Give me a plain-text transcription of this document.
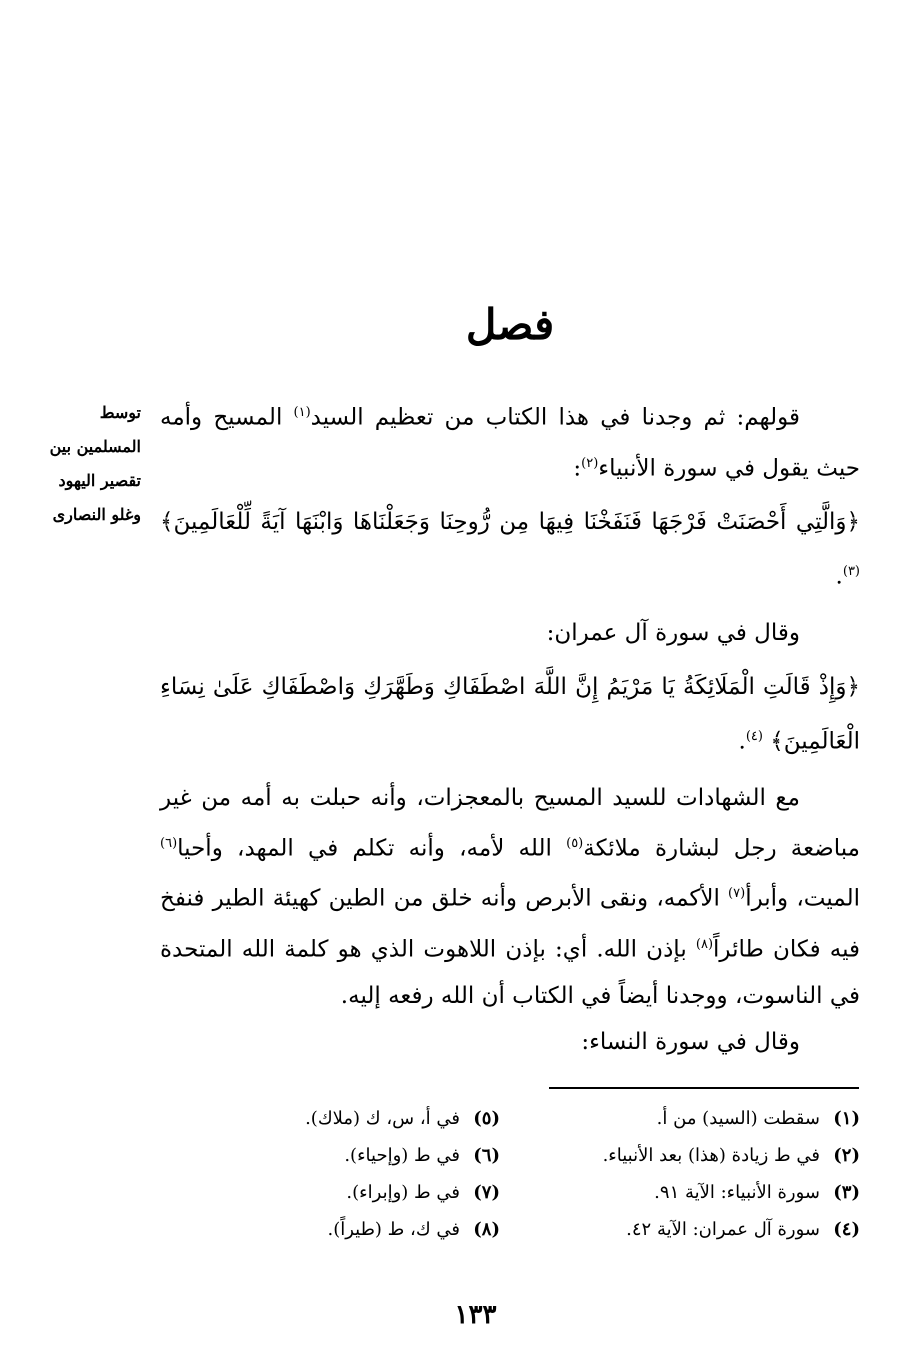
فصل
توسط
المسلمين بين
تقصير اليهود
وغلو النصارى

قولهم: ثم وجدنا في هذا الكتاب من تعظيم السيد$^{(١)}$ المسيح وأمه حيث يقول في سورة الأنبياء$^{(٢)}$:

﴿وَالَّتِي أَحْصَنَتْ فَرْجَهَا فَنَفَخْنَا فِيهَا مِن رُّوحِنَا وَجَعَلْنَاهَا وَابْنَهَا آيَةً لِّلْعَالَمِينَ﴾ $^{(٣)}$.

وقال في سورة آل عمران:

﴿وَإِذْ قَالَتِ الْمَلَائِكَةُ يَا مَرْيَمُ إِنَّ اللَّهَ اصْطَفَاكِ وَطَهَّرَكِ وَاصْطَفَاكِ عَلَىٰ نِسَاءِ الْعَالَمِينَ﴾ $^{(٤)}$.

مع الشهادات للسيد المسيح بالمعجزات، وأنه حبلت به أمه من غير مباضعة رجل لبشارة ملائكة$^{(٥)}$ الله لأمه، وأنه تكلم في المهد، وأحيا$^{(٦)}$ الميت، وأبرأ$^{(٧)}$ الأكمه، ونقى الأبرص وأنه خلق من الطين كهيئة الطير فنفخ فيه فكان طائراً$^{(٨)}$ بإذن الله. أي: بإذن اللاهوت الذي هو كلمة الله المتحدة في الناسوت، ووجدنا أيضاً في الكتاب أن الله رفعه إليه.

وقال في سورة النساء:

(١)سقطت (السيد) من أ.
(٢)في ط زيادة (هذا) بعد الأنبياء.
(٣)سورة الأنبياء: الآية ٩١.
(٤)سورة آل عمران: الآية ٤٢.
(٥)في أ، س، ك (ملاك).
(٦)في ط (وإحياء).
(٧)في ط (وإبراء).
(٨)في ك، ط (طيراً).
١٣٣
